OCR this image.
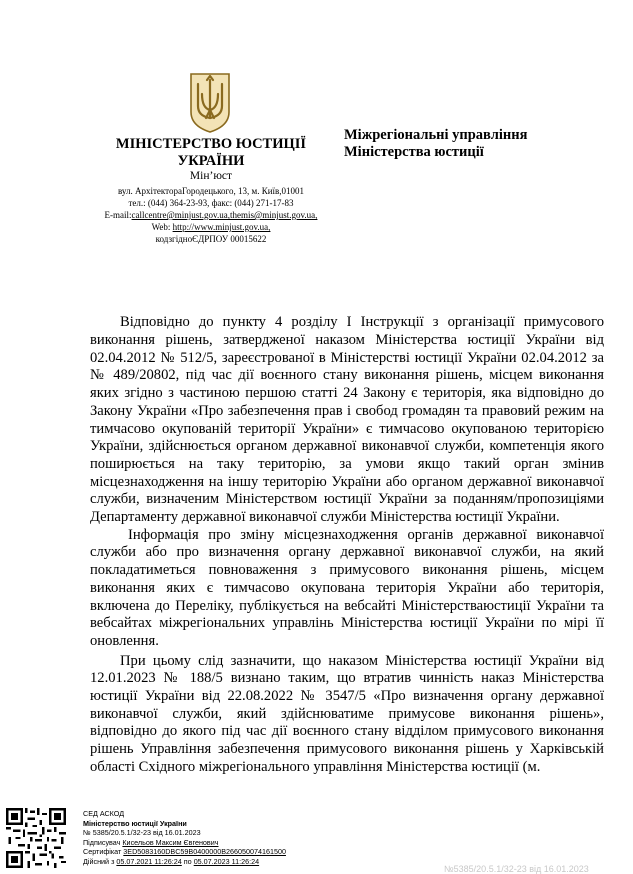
МІНІСТЕРСТВО ЮСТИЦІЇ
УКРАЇНИ
Мін’юст
вул. АрхітектораГородецького, 13, м. Київ,01001
тел.: (044) 364-23-93, факс: (044) 271-17-83
E-mail:callcentre@minjust.gov.ua,themis@minjust.gov.ua,
Web: http://www.minjust.gov.ua,
кодзгідноЄДРПОУ 00015622
Міжрегіональні управління
Міністерства юстиції
Відповідно до пункту 4 розділу І Інструкції з організації примусового

виконання рішень, затвердженої наказом Міністерства юстиції України від 02.04.2012 № 512/5, зареєстрованої в Міністерстві юстиції України 02.04.2012 за № 489/20802, під час дії воєнного стану виконання рішень, місцем виконання яких згідно з частиною першою статті 24 Закону є територія, яка відповідно до Закону України «Про забезпечення прав і свобод громадян та правовий режим на тимчасово окупованій території України» є тимчасово окупованою територією України, здійснюється органом державної виконавчої служби, компетенція якого поширюється на таку територію, за умови якщо такий орган змінив місцезнаходження на іншу територію України або органом державної виконавчої служби, визначеним Міністерством юстиції України за поданням/пропозиціями Департаменту державної виконавчої служби Міністерства юстиції України.

Інформація про зміну місцезнаходження органів державної виконавчої служби або про визначення органу державної виконавчої служби, на який покладатиметься повноваження з примусового виконання рішень, місцем виконання яких є тимчасово окупована територія України або територія, включена до Переліку, публікується на вебсайті Міністерстваюстиції України та вебсайтах міжрегіональних управлінь Міністерства юстиції України по мірі її оновлення.

При цьому слід зазначити, що наказом Міністерства юстиції України від 12.01.2023 № 188/5 визнано таким, що втратив чинність наказ Міністерства юстиції України від 22.08.2022 № 3547/5 «Про визначення органу державної виконавчої служби, який здійснюватиме примусове виконання рішень», відповідно до якого під час дії воєнного стану відділом примусового виконання рішень Управління забезпечення примусового виконання рішень у Харківській області Східного міжрегіонального управління Міністерства юстиції (м.

СЕД АСКОД
Міністерство юстиції України
№ 5385/20.5.1/32-23 від 16.01.2023
Підписувач Кисельов Максим Євгенович
Сертифікат 3ED5083160DBC59B0400000B266050074161500
Дійсний з 05.07.2021 11:26:24 по 05.07.2023 11:26:24
№5385/20.5.1/32-23 від 16.01.2023
